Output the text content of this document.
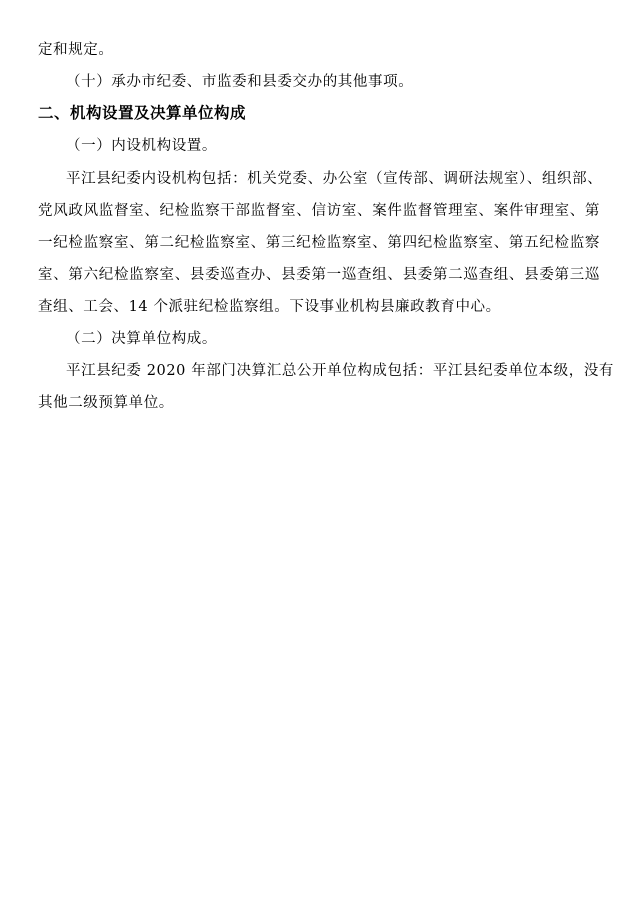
定和规定。
（十）承办市纪委、市监委和县委交办的其他事项。
二、机构设置及决算单位构成
（一）内设机构设置。
平江县纪委内设机构包括：机关党委、办公室（宣传部、调研法规室）、组织部、
党风政风监督室、纪检监察干部监督室、信访室、案件监督管理室、案件审理室、第
一纪检监察室、第二纪检监察室、第三纪检监察室、第四纪检监察室、第五纪检监察
室、第六纪检监察室、县委巡查办、县委第一巡查组、县委第二巡查组、县委第三巡
查组、工会、14 个派驻纪检监察组。下设事业机构县廉政教育中心。
（二）决算单位构成。
平江县纪委 2020 年部门决算汇总公开单位构成包括：平江县纪委单位本级，没有
其他二级预算单位。
